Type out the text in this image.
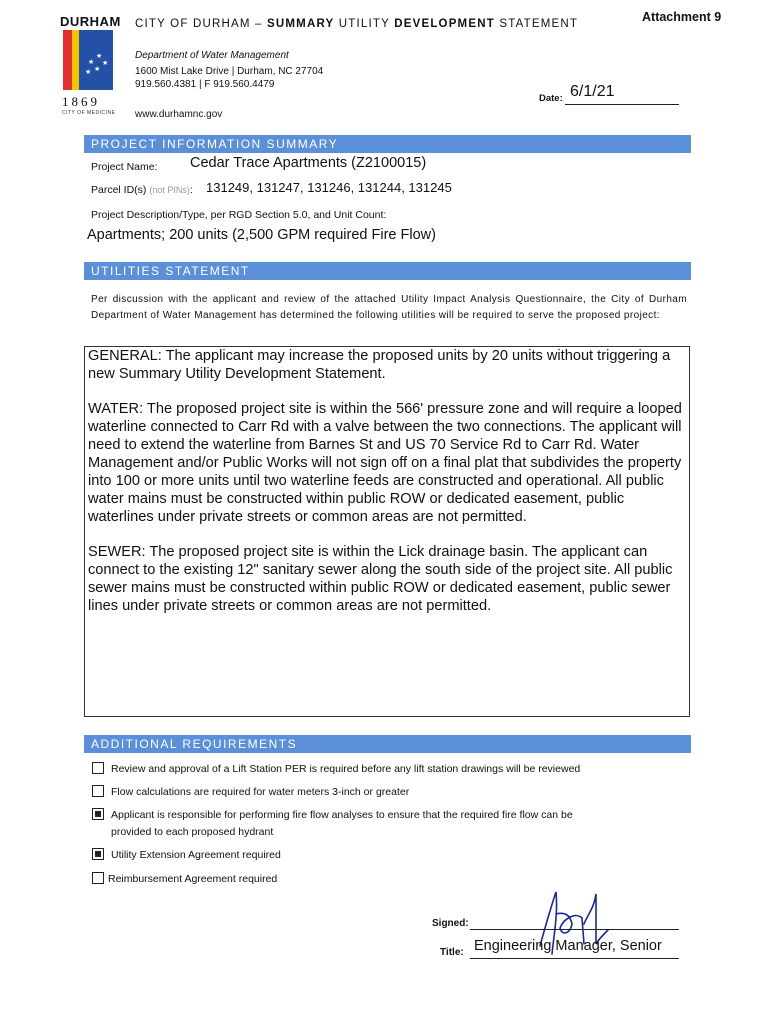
DURHAM
★
★ ★
★
★
1869
CITY OF MEDICINE
CITY OF DURHAM – SUMMARY UTILITY DEVELOPMENT STATEMENT	Attachment 9
Department of Water Management
1600 Mist Lake Drive | Durham, NC 27704
919.560.4381 | F 919.560.4479
www.durhamnc.gov
Date: 6/1/21
PROJECT INFORMATION SUMMARY
Project Name: Cedar Trace Apartments (Z2100015)
Parcel ID(s) (not PINs): 131249, 131247, 131246, 131244, 131245
Project Description/Type, per RGD Section 5.0, and Unit Count:
Apartments; 200 units (2,500 GPM required Fire Flow)
UTILITIES STATEMENT
Per discussion with the applicant and review of the attached Utility Impact Analysis Questionnaire, the City of Durham Department of Water Management has determined the following utilities will be required to serve the proposed project:

GENERAL: The applicant may increase the proposed units by 20 units without triggering a new Summary Utility Development Statement.

WATER: The proposed project site is within the 566' pressure zone and will require a looped waterline connected to Carr Rd with a valve between the two connections. The applicant will need to extend the waterline from Barnes St and US 70 Service Rd to Carr Rd. Water Management and/or Public Works will not sign off on a final plat that subdivides the property into 100 or more units until two waterline feeds are constructed and operational. All public water mains must be constructed within public ROW or dedicated easement, public waterlines under private streets or common areas are not permitted.

SEWER: The proposed project site is within the Lick drainage basin. The applicant can connect to the existing 12" sanitary sewer along the south side of the project site. All public sewer mains must be constructed within public ROW or dedicated easement, public sewer lines under private streets or common areas are not permitted.

ADDITIONAL REQUIREMENTS
Review and approval of a Lift Station PER is required before any lift station drawings will be reviewed
Flow calculations are required for water meters 3-inch or greater
Applicant is responsible for performing fire flow analyses to ensure that the required fire flow can be
provided to each proposed hydrant
Utility Extension Agreement required
Reimbursement Agreement required
Signed:
Title: Engineering Manager, Senior
